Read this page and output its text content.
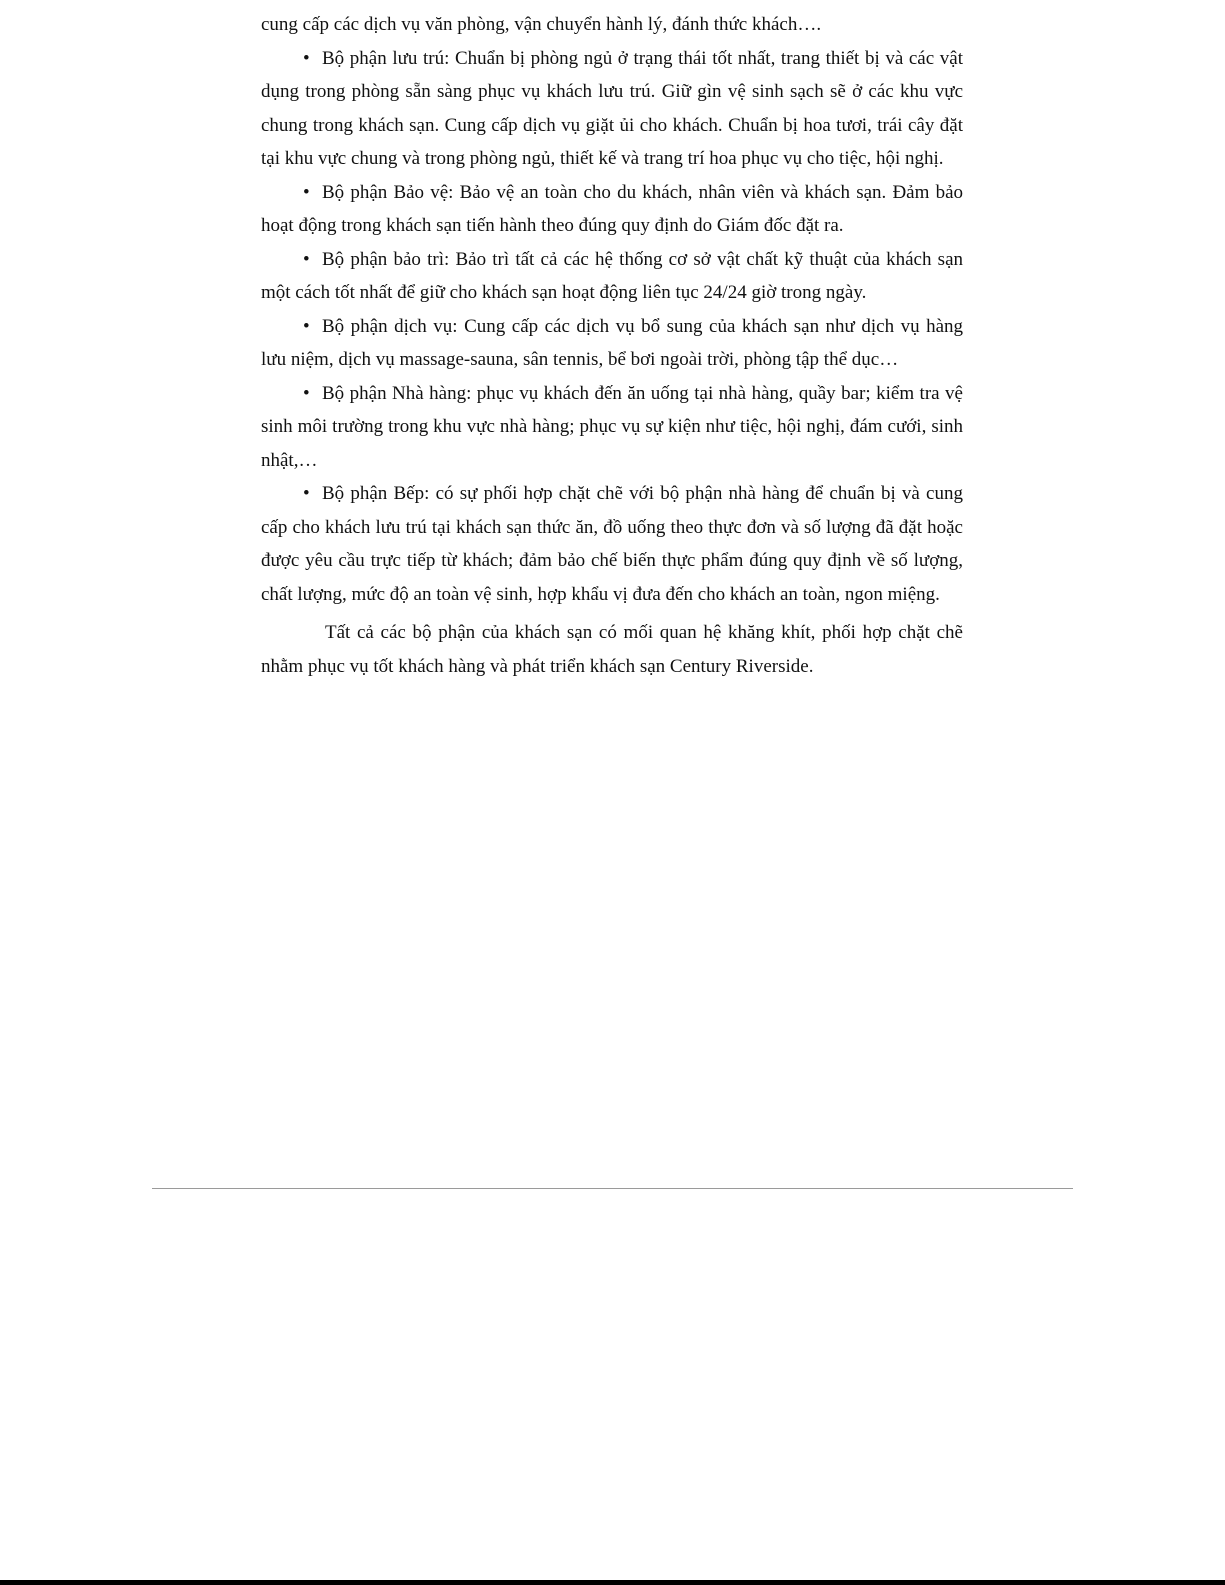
cung cấp các dịch vụ văn phòng, vận chuyển hành lý, đánh thức khách….

• Bộ phận lưu trú: Chuẩn bị phòng ngủ ở trạng thái tốt nhất, trang thiết bị và các vật dụng trong phòng sẵn sàng phục vụ khách lưu trú. Giữ gìn vệ sinh sạch sẽ ở các khu vực chung trong khách sạn. Cung cấp dịch vụ giặt ủi cho khách. Chuẩn bị hoa tươi, trái cây đặt tại khu vực chung và trong phòng ngủ, thiết kế và trang trí hoa phục vụ cho tiệc, hội nghị.

• Bộ phận Bảo vệ: Bảo vệ an toàn cho du khách, nhân viên và khách sạn. Đảm bảo hoạt động trong khách sạn tiến hành theo đúng quy định do Giám đốc đặt ra.

• Bộ phận bảo trì: Bảo trì tất cả các hệ thống cơ sở vật chất kỹ thuật của khách sạn một cách tốt nhất để giữ cho khách sạn hoạt động liên tục 24/24 giờ trong ngày.

• Bộ phận dịch vụ: Cung cấp các dịch vụ bổ sung của khách sạn như dịch vụ hàng lưu niệm, dịch vụ massage-sauna, sân tennis, bể bơi ngoài trời, phòng tập thể dục…

• Bộ phận Nhà hàng: phục vụ khách đến ăn uống tại nhà hàng, quầy bar; kiểm tra vệ sinh môi trường trong khu vực nhà hàng; phục vụ sự kiện như tiệc, hội nghị, đám cưới, sinh nhật,…

• Bộ phận Bếp: có sự phối hợp chặt chẽ với bộ phận nhà hàng để chuẩn bị và cung cấp cho khách lưu trú tại khách sạn thức ăn, đồ uống theo thực đơn và số lượng đã đặt hoặc được yêu cầu trực tiếp từ khách; đảm bảo chế biến thực phẩm đúng quy định về số lượng, chất lượng, mức độ an toàn vệ sinh, hợp khẩu vị đưa đến cho khách an toàn, ngon miệng.

Tất cả các bộ phận của khách sạn có mối quan hệ khăng khít, phối hợp chặt chẽ nhằm phục vụ tốt khách hàng và phát triển khách sạn Century Riverside.
